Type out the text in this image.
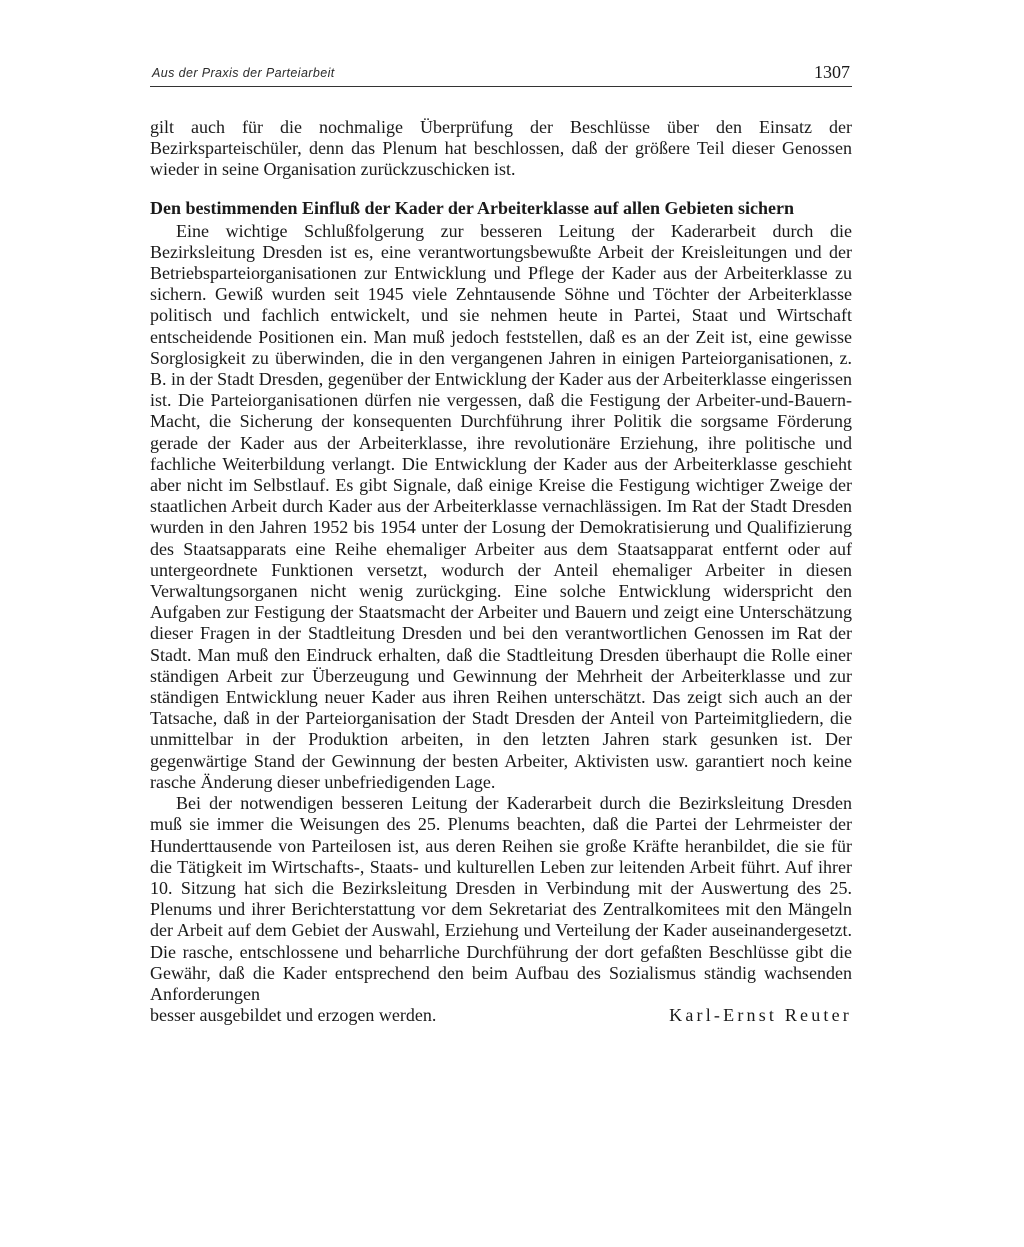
Aus der Praxis der Parteiarbeit	1307

gilt auch für die nochmalige Überprüfung der Beschlüsse über den Einsatz der Bezirksparteischüler, denn das Plenum hat beschlossen, daß der größere Teil dieser Genossen wieder in seine Organisation zurückzuschicken ist.

Den bestimmenden Einfluß der Kader der Arbeiterklasse auf allen Gebieten sichern

Eine wichtige Schlußfolgerung zur besseren Leitung der Kaderarbeit durch die Bezirksleitung Dresden ist es, eine verantwortungsbewußte Arbeit der Kreisleitungen und der Betriebsparteiorganisationen zur Entwicklung und Pflege der Kader aus der Arbeiterklasse zu sichern. Gewiß wurden seit 1945 viele Zehntausende Söhne und Töchter der Arbeiterklasse politisch und fachlich entwickelt, und sie nehmen heute in Partei, Staat und Wirtschaft entscheidende Positionen ein. Man muß jedoch feststellen, daß es an der Zeit ist, eine gewisse Sorglosigkeit zu überwinden, die in den vergangenen Jahren in einigen Parteiorganisationen, z. B. in der Stadt Dresden, gegenüber der Entwicklung der Kader aus der Arbeiterklasse eingerissen ist. Die Parteiorganisationen dürfen nie vergessen, daß die Festigung der Arbeiter-und-Bauern-Macht, die Sicherung der konsequenten Durchführung ihrer Politik die sorgsame Förderung gerade der Kader aus der Arbeiterklasse, ihre revolutionäre Erziehung, ihre politische und fachliche Weiterbildung verlangt. Die Entwicklung der Kader aus der Arbeiterklasse geschieht aber nicht im Selbstlauf. Es gibt Signale, daß einige Kreise die Festigung wichtiger Zweige der staatlichen Arbeit durch Kader aus der Arbeiterklasse vernachlässigen. Im Rat der Stadt Dresden wurden in den Jahren 1952 bis 1954 unter der Losung der Demokratisierung und Qualifizierung des Staatsapparats eine Reihe ehemaliger Arbeiter aus dem Staatsapparat entfernt oder auf untergeordnete Funktionen versetzt, wodurch der Anteil ehemaliger Arbeiter in diesen Verwaltungsorganen nicht wenig zurückging. Eine solche Entwicklung widerspricht den Aufgaben zur Festigung der Staatsmacht der Arbeiter und Bauern und zeigt eine Unterschätzung dieser Fragen in der Stadtleitung Dresden und bei den verantwortlichen Genossen im Rat der Stadt. Man muß den Eindruck erhalten, daß die Stadtleitung Dresden überhaupt die Rolle einer ständigen Arbeit zur Überzeugung und Gewinnung der Mehrheit der Arbeiterklasse und zur ständigen Entwicklung neuer Kader aus ihren Reihen unterschätzt. Das zeigt sich auch an der Tatsache, daß in der Parteiorganisation der Stadt Dresden der Anteil von Parteimitgliedern, die unmittelbar in der Produktion arbeiten, in den letzten Jahren stark gesunken ist. Der gegenwärtige Stand der Gewinnung der besten Arbeiter, Aktivisten usw. garantiert noch keine rasche Änderung dieser unbefriedigenden Lage.

Bei der notwendigen besseren Leitung der Kaderarbeit durch die Bezirksleitung Dresden muß sie immer die Weisungen des 25. Plenums beachten, daß die Partei der Lehrmeister der Hunderttausende von Parteilosen ist, aus deren Reihen sie große Kräfte heranbildet, die sie für die Tätigkeit im Wirtschafts-, Staats- und kulturellen Leben zur leitenden Arbeit führt. Auf ihrer 10. Sitzung hat sich die Bezirksleitung Dresden in Verbindung mit der Auswertung des 25. Plenums und ihrer Berichterstattung vor dem Sekretariat des Zentralkomitees mit den Mängeln der Arbeit auf dem Gebiet der Auswahl, Erziehung und Verteilung der Kader auseinandergesetzt. Die rasche, entschlossene und beharrliche Durchführung der dort gefaßten Beschlüsse gibt die Gewähr, daß die Kader entsprechend den beim Aufbau des Sozialismus ständig wachsenden Anforderungen

besser ausgebildet und erzogen werden.	Karl-Ernst Reuter
